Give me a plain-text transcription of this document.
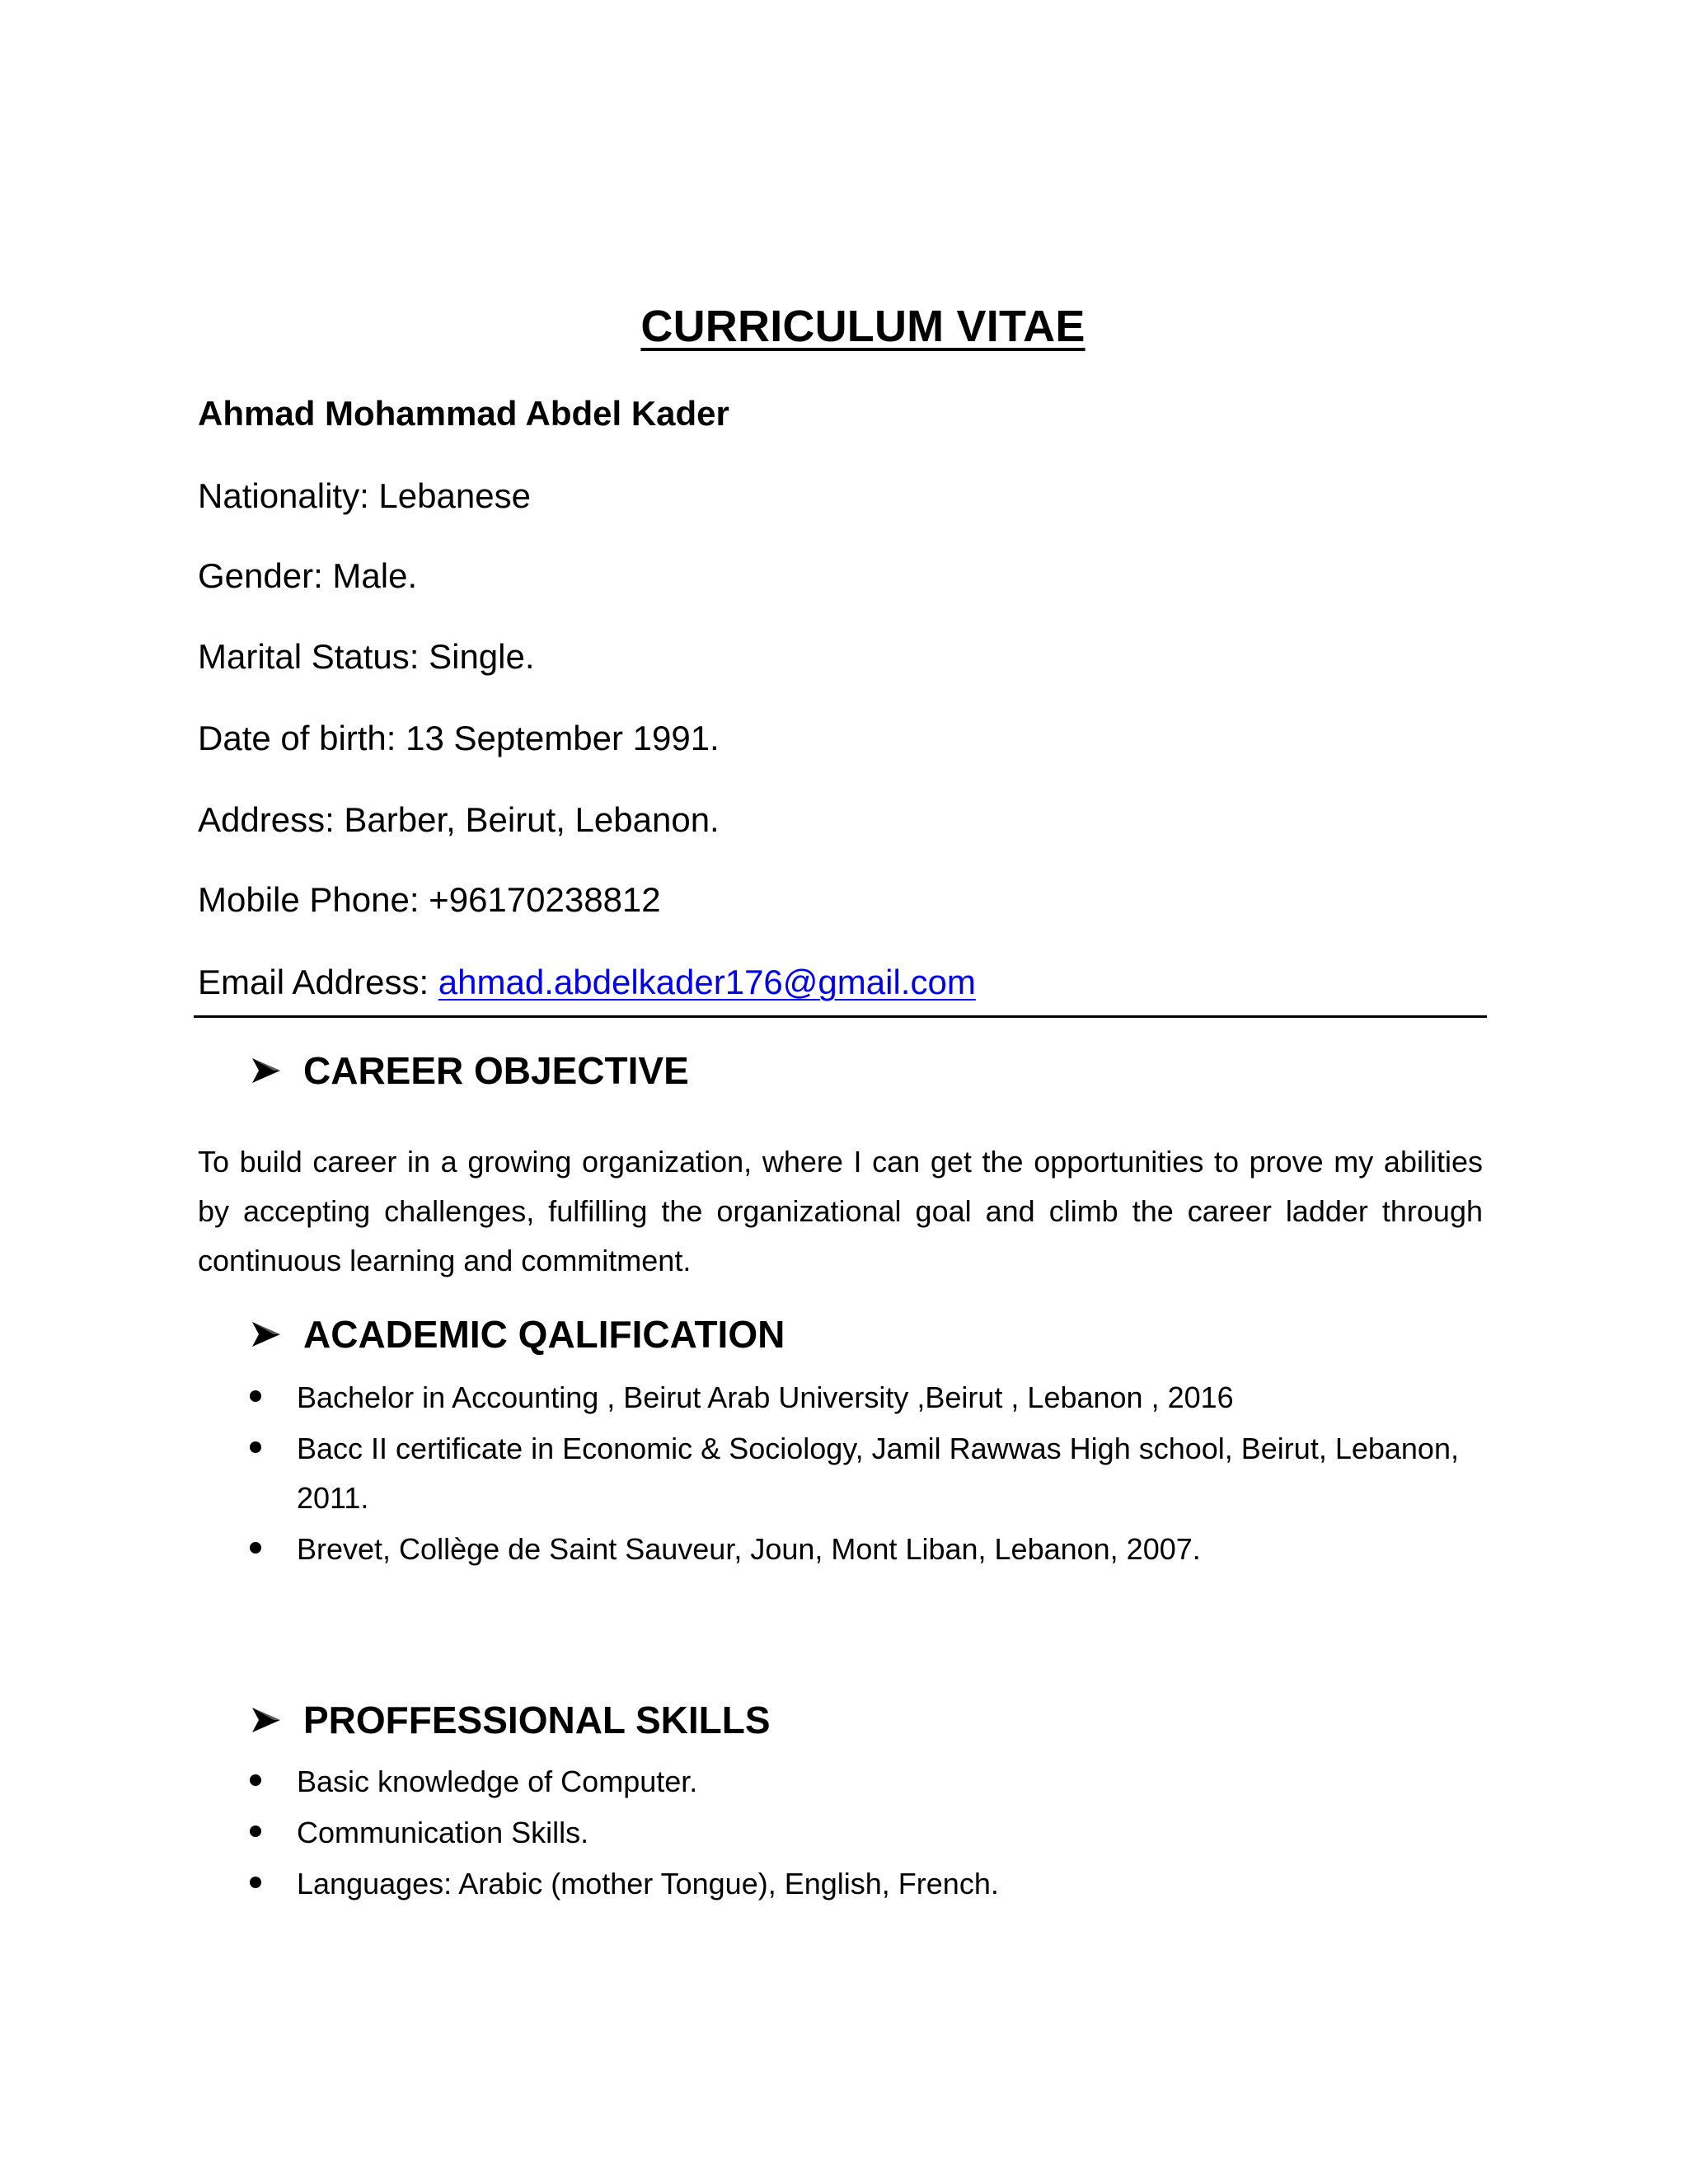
CURRICULUM VITAE
Ahmad Mohammad Abdel Kader
Nationality: Lebanese
Gender: Male.
Marital Status: Single.
Date of birth: 13 September 1991.
Address: Barber, Beirut, Lebanon.
Mobile Phone: +96170238812
Email Address: ahmad.abdelkader176@gmail.com
CAREER OBJECTIVE
To build career in a growing organization, where I can get the opportunities to prove my abilities by accepting challenges, fulfilling the organizational goal and climb the career ladder through continuous learning and commitment.
ACADEMIC QALIFICATION
Bachelor in Accounting , Beirut Arab University ,Beirut , Lebanon , 2016
Bacc II certificate in Economic & Sociology, Jamil Rawwas High school, Beirut, Lebanon, 2011.
Brevet, Collège de Saint Sauveur, Joun, Mont Liban, Lebanon, 2007.
PROFFESSIONAL SKILLS
Basic knowledge of Computer.
Communication Skills.
Languages: Arabic (mother Tongue), English, French.
